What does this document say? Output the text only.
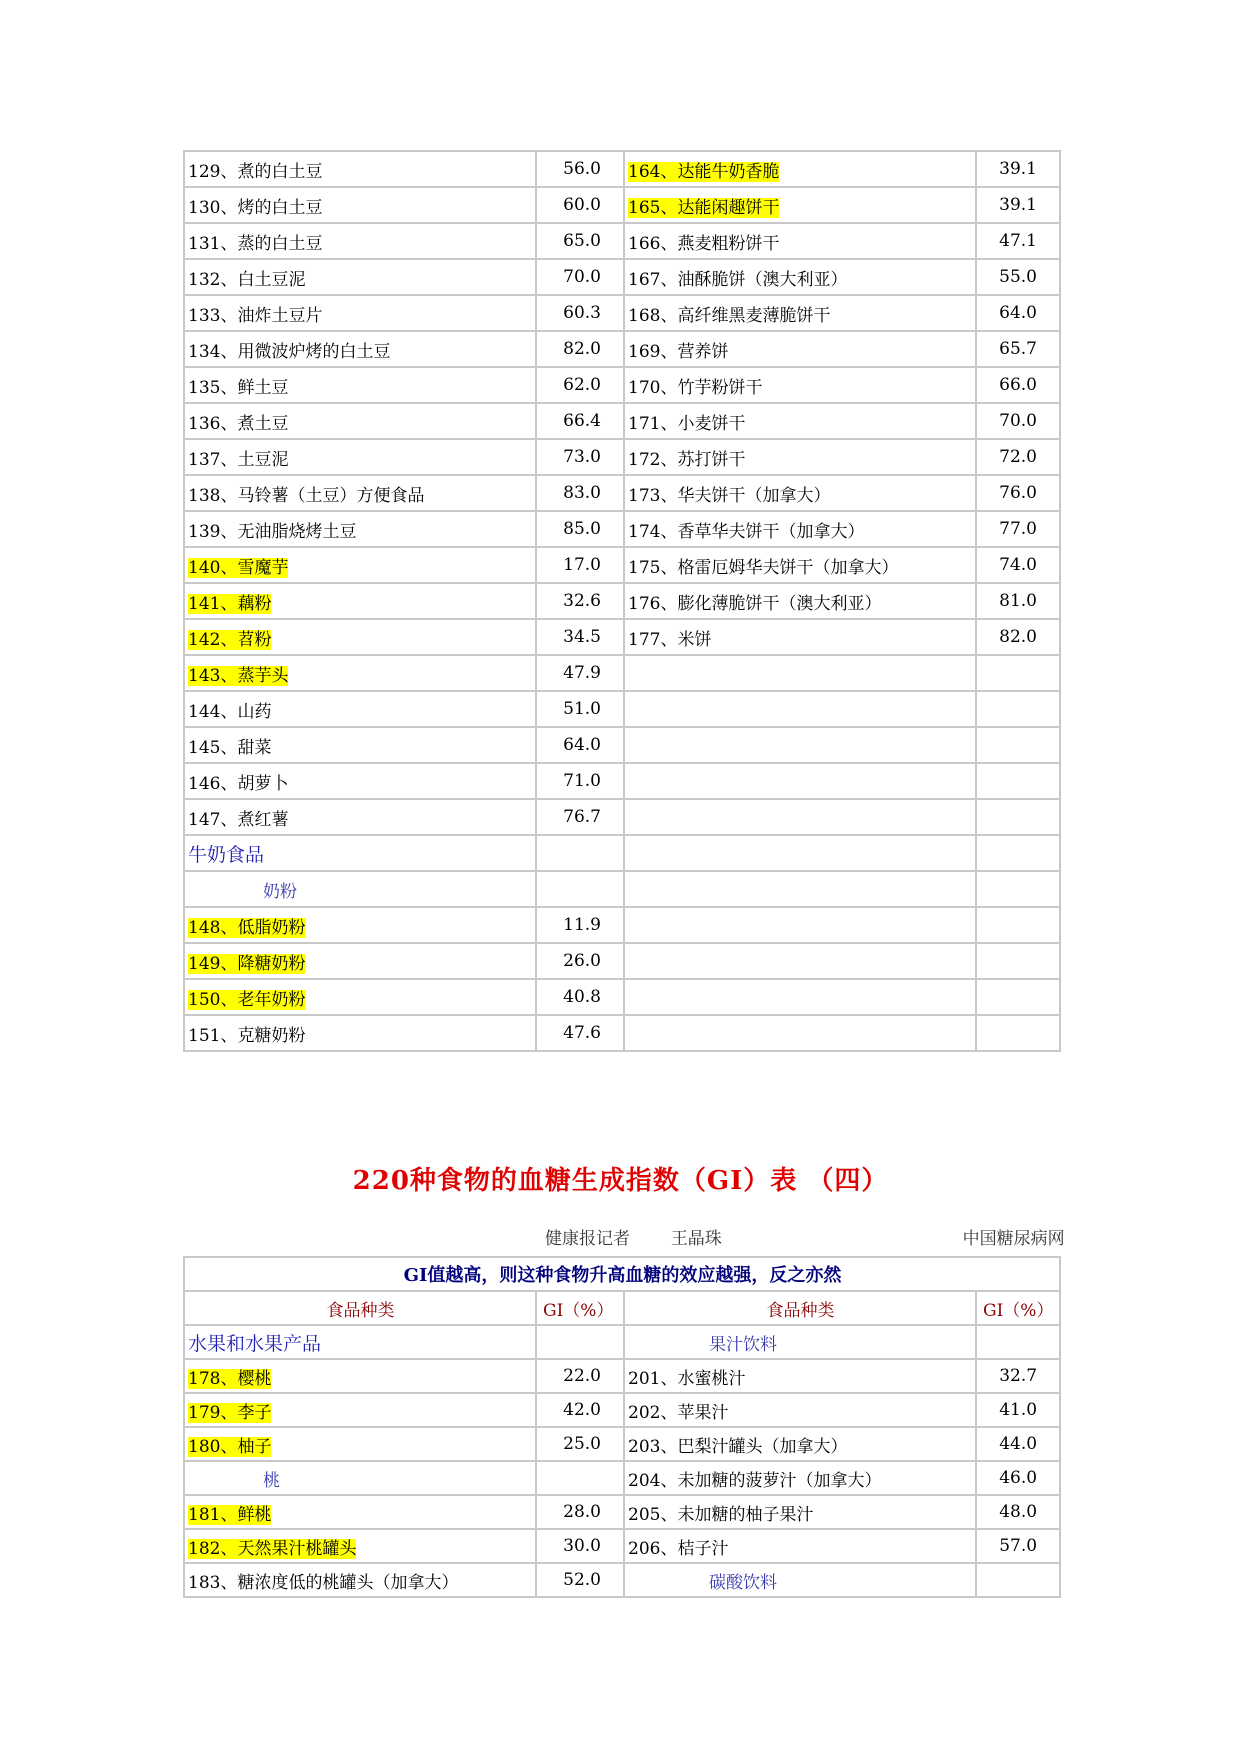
129、煮的白土豆	56.0	164、达能牛奶香脆	39.1
130、烤的白土豆	60.0	165、达能闲趣饼干	39.1
131、蒸的白土豆	65.0	166、燕麦粗粉饼干	47.1
132、白土豆泥	70.0	167、油酥脆饼（澳大利亚）	55.0
133、油炸土豆片	60.3	168、高纤维黑麦薄脆饼干	64.0
134、用微波炉烤的白土豆	82.0	169、营养饼	65.7
135、鲜土豆	62.0	170、竹芋粉饼干	66.0
136、煮土豆	66.4	171、小麦饼干	70.0
137、土豆泥	73.0	172、苏打饼干	72.0
138、马铃薯（土豆）方便食品	83.0	173、华夫饼干（加拿大）	76.0
139、无油脂烧烤土豆	85.0	174、香草华夫饼干（加拿大）	77.0
140、雪魔芋	17.0	175、格雷厄姆华夫饼干（加拿大）	74.0
141、藕粉	32.6	176、膨化薄脆饼干（澳大利亚）	81.0
142、苕粉	34.5	177、米饼	82.0
143、蒸芋头	47.9		
144、山药	51.0		
145、甜菜	64.0		
146、胡萝卜	71.0		
147、煮红薯	76.7		
牛奶食品			
奶粉			
148、低脂奶粉	11.9		
149、降糖奶粉	26.0		
150、老年奶粉	40.8		
151、克糖奶粉	47.6		
220种食物的血糖生成指数（GI）表 （四）
健康报记者 王晶珠	中国糖尿病网
GI值越高，则这种食物升高血糖的效应越强，反之亦然			
食品种类	GI（%）	食品种类	GI（%）
水果和水果产品		果汁饮料	
178、樱桃	22.0	201、水蜜桃汁	32.7
179、李子	42.0	202、苹果汁	41.0
180、柚子	25.0	203、巴梨汁罐头（加拿大）	44.0
桃		204、未加糖的菠萝汁（加拿大）	46.0
181、鲜桃	28.0	205、未加糖的柚子果汁	48.0
182、天然果汁桃罐头	30.0	206、桔子汁	57.0
183、糖浓度低的桃罐头（加拿大）	52.0	碳酸饮料	
